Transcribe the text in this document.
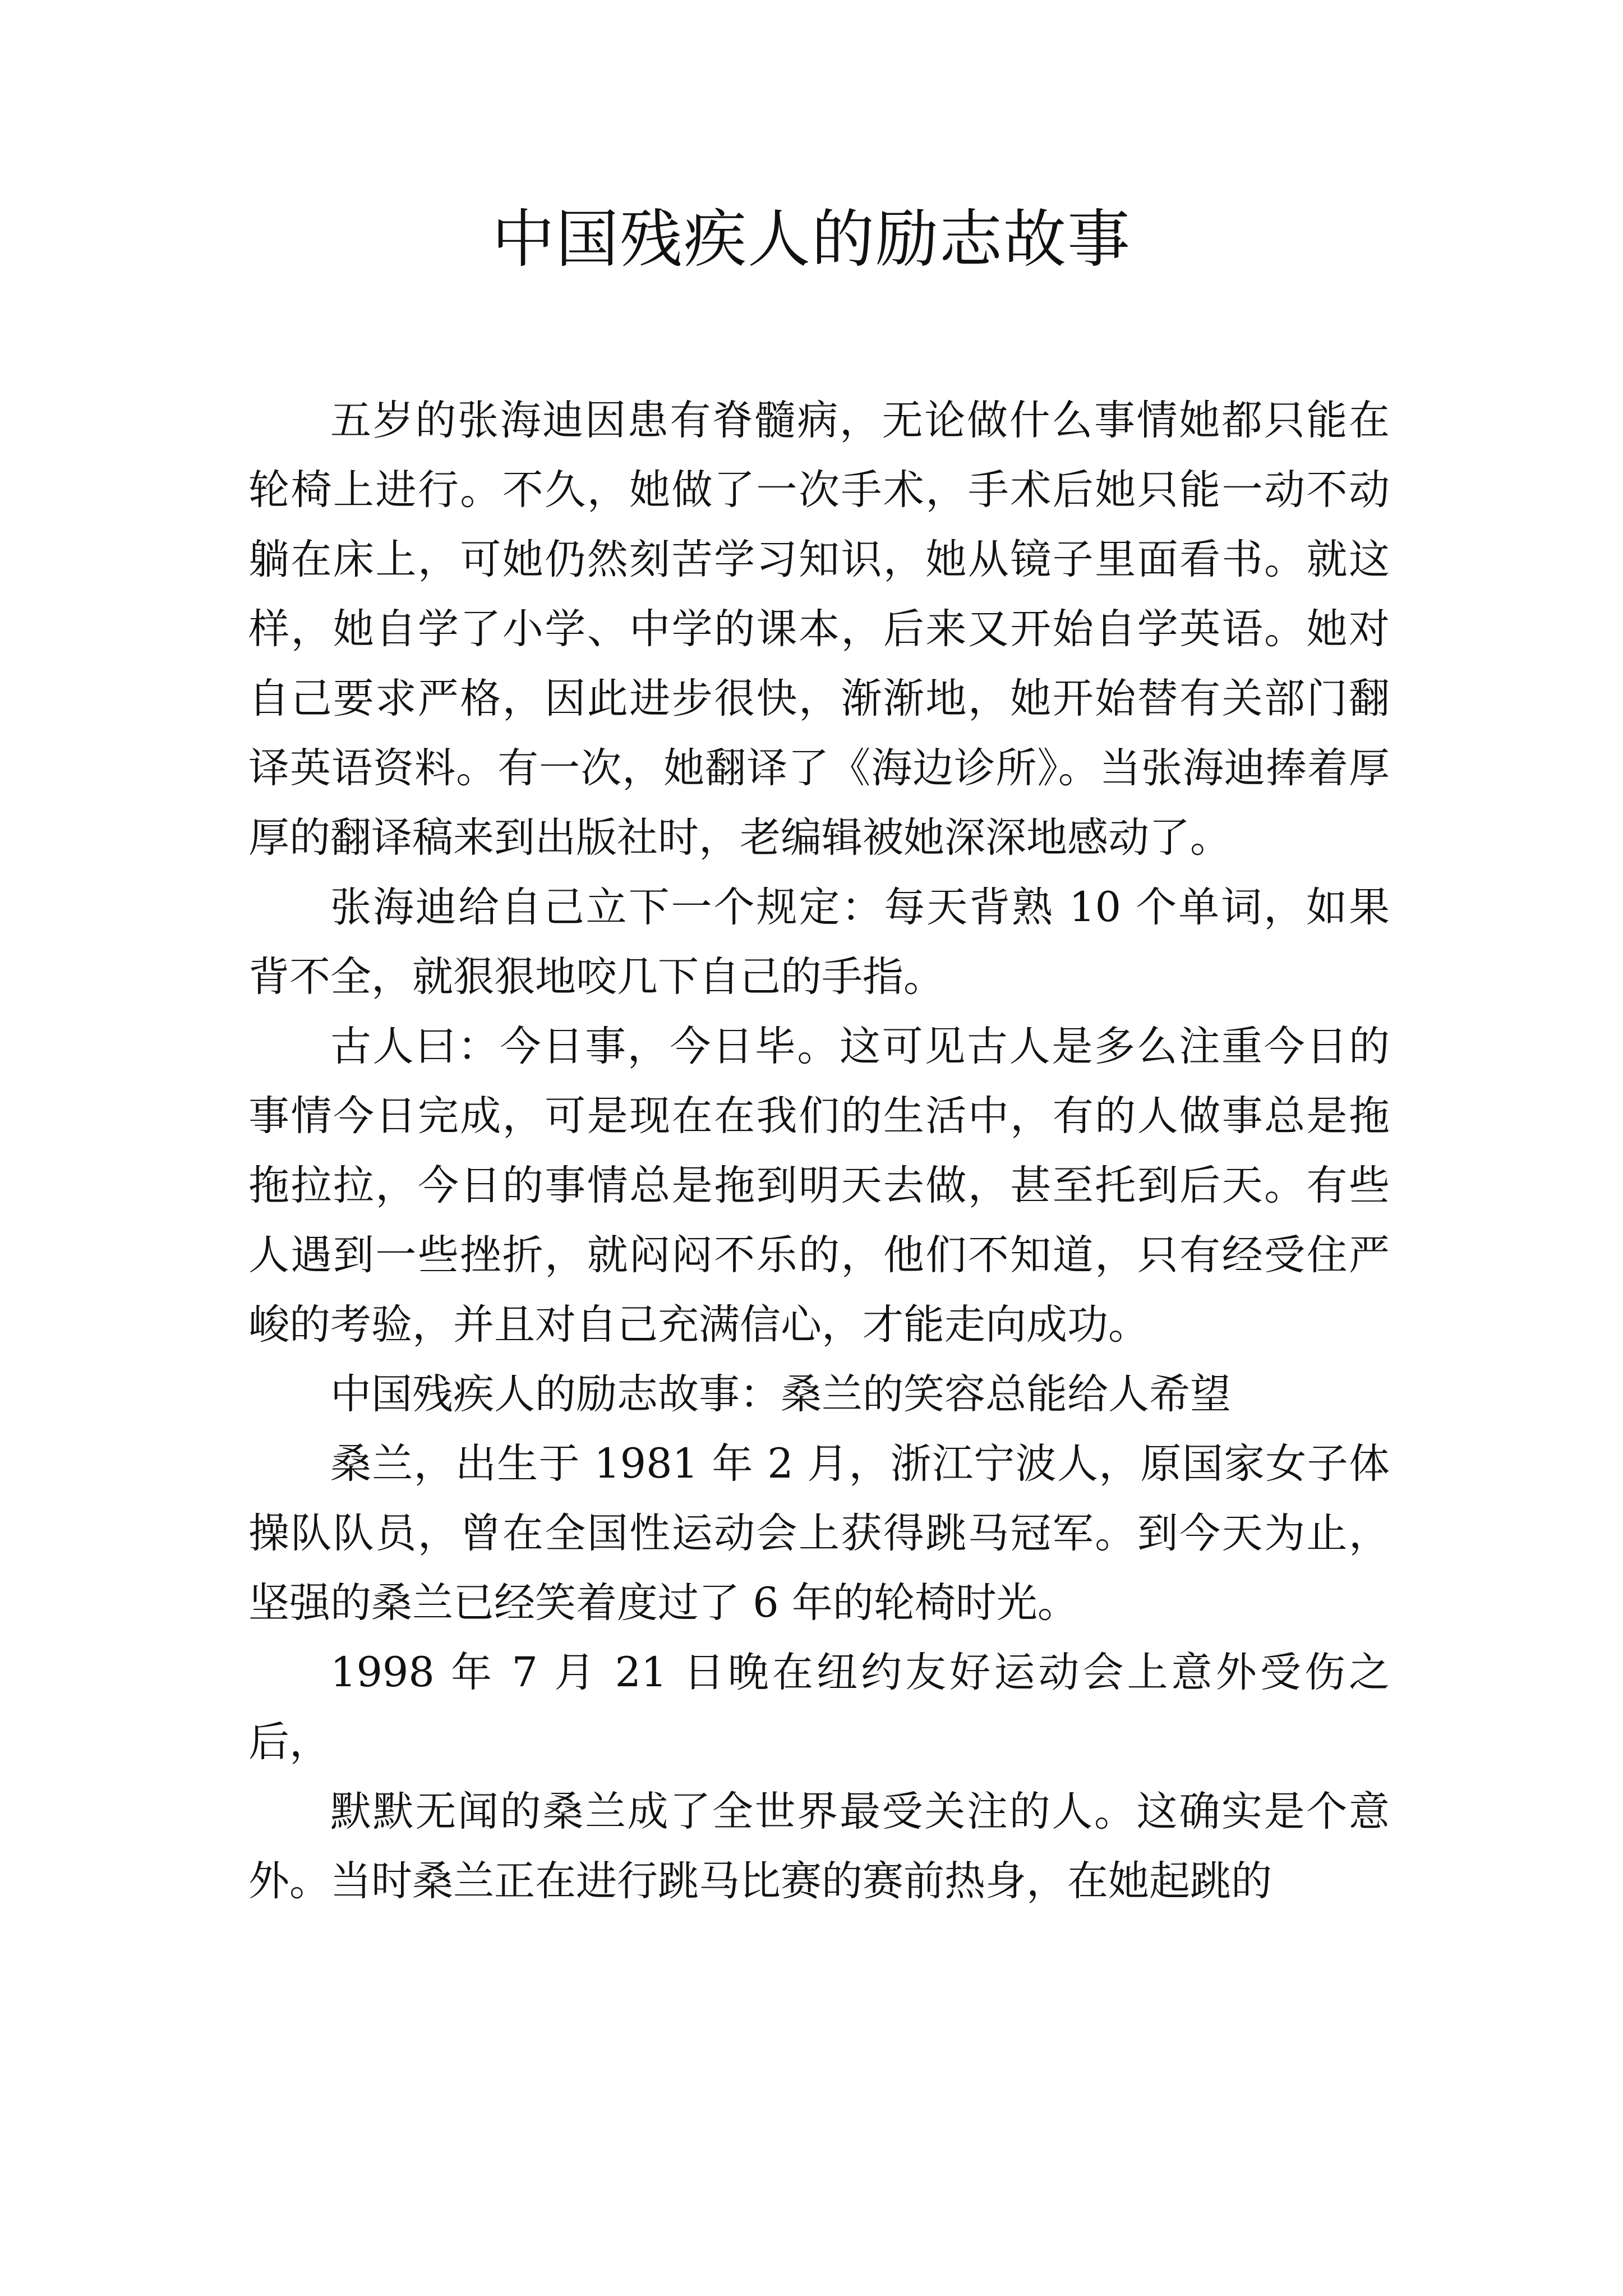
中国残疾人的励志故事

五岁的张海迪因患有脊髓病，无论做什么事情她都只能在轮椅上进行。不久，她做了一次手术，手术后她只能一动不动躺在床上，可她仍然刻苦学习知识，她从镜子里面看书。就这样，她自学了小学、中学的课本，后来又开始自学英语。她对自己要求严格，因此进步很快，渐渐地，她开始替有关部门翻译英语资料。有一次，她翻译了《海边诊所》。当张海迪捧着厚厚的翻译稿来到出版社时，老编辑被她深深地感动了。

张海迪给自己立下一个规定：每天背熟 10 个单词，如果背不全，就狠狠地咬几下自己的手指。

古人曰：今日事，今日毕。这可见古人是多么注重今日的事情今日完成，可是现在在我们的生活中，有的人做事总是拖拖拉拉，今日的事情总是拖到明天去做，甚至托到后天。有些人遇到一些挫折，就闷闷不乐的，他们不知道，只有经受住严峻的考验，并且对自己充满信心，才能走向成功。

中国残疾人的励志故事：桑兰的笑容总能给人希望

桑兰，出生于 1981 年 2 月，浙江宁波人，原国家女子体操队队员，曾在全国性运动会上获得跳马冠军。到今天为止，坚强的桑兰已经笑着度过了 6 年的轮椅时光。

1998 年 7 月 21 日晚在纽约友好运动会上意外受伤之后，

默默无闻的桑兰成了全世界最受关注的人。这确实是个意外。当时桑兰正在进行跳马比赛的赛前热身，在她起跳的
